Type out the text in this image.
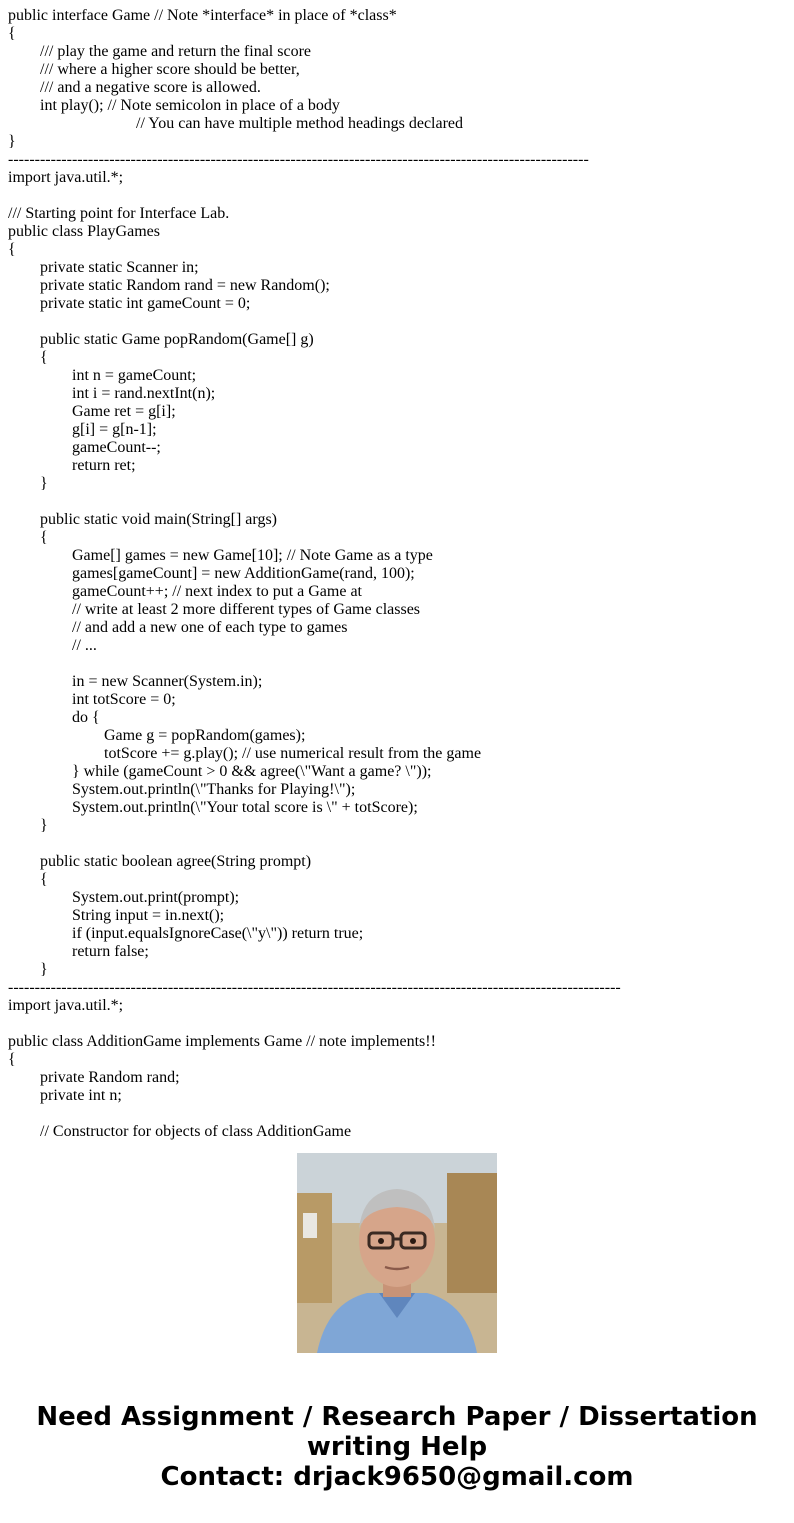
public interface Game // Note *interface* in place of *class*
{
/// play the game and return the final score
/// where a higher score should be better,
/// and a negative score is allowed.
int play(); // Note semicolon in place of a body
// You can have multiple method headings declared
}
-------------------------------------------------------------------------------------------------------------
import java.util.*;
/// Starting point for Interface Lab.
public class PlayGames
{
private static Scanner in;
private static Random rand = new Random();
private static int gameCount = 0;
public static Game popRandom(Game[] g)
{
int n = gameCount;
int i = rand.nextInt(n);
Game ret = g[i];
g[i] = g[n-1];
gameCount--;
return ret;
}
public static void main(String[] args)
{
Game[] games = new Game[10]; // Note Game as a type
games[gameCount] = new AdditionGame(rand, 100);
gameCount++; // next index to put a Game at
// write at least 2 more different types of Game classes
// and add a new one of each type to games
// ...
in = new Scanner(System.in);
int totScore = 0;
do {
Game g = popRandom(games);
totScore += g.play(); // use numerical result from the game
} while (gameCount > 0 && agree(\"Want a game? \"));
System.out.println(\"Thanks for Playing!\");
System.out.println(\"Your total score is \" + totScore);
}
public static boolean agree(String prompt)
{
System.out.print(prompt);
String input = in.next();
if (input.equalsIgnoreCase(\"y\")) return true;
return false;
}
-------------------------------------------------------------------------------------------------------------------
import java.util.*;
public class AdditionGame implements Game // note implements!!
{
private Random rand;
private int n;
// Constructor for objects of class AdditionGame
Need Assignment / Research Paper / Dissertation
writing Help
Contact: drjack9650@gmail.com
